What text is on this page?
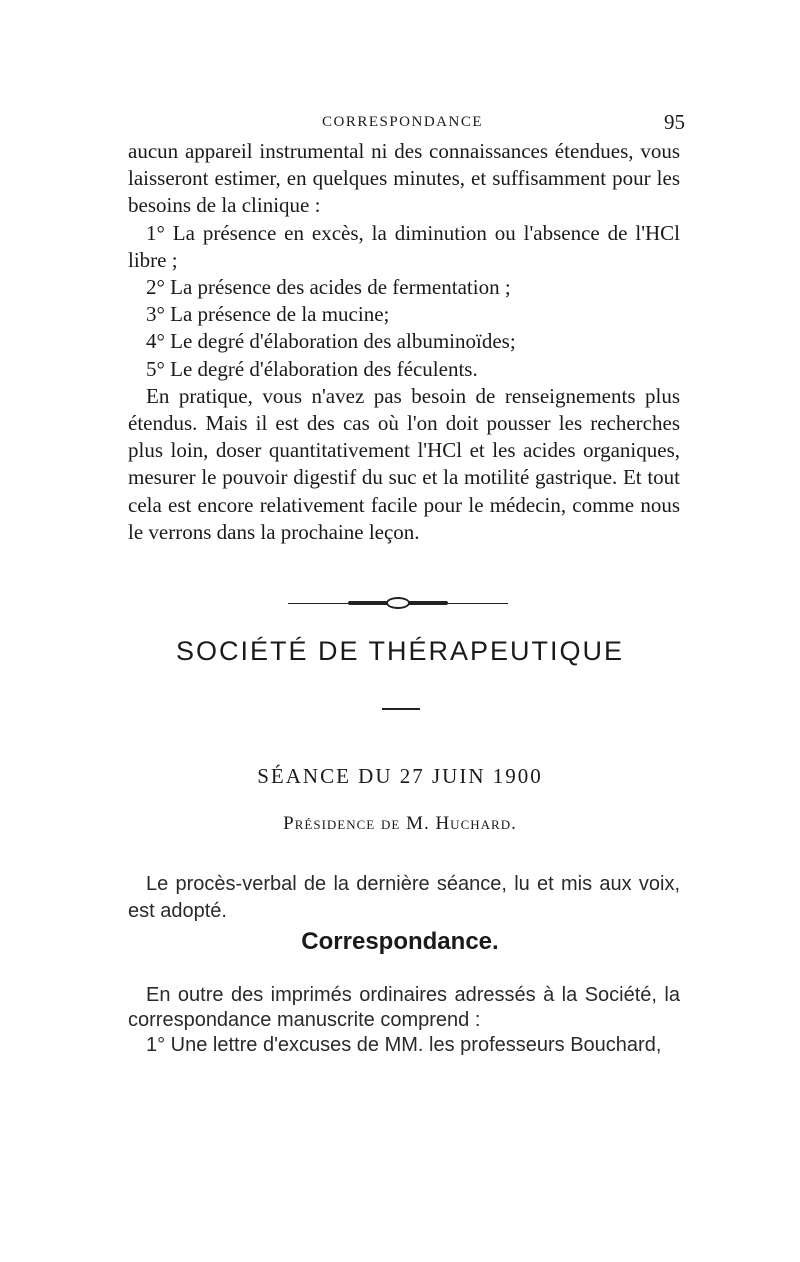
CORRESPONDANCE	95

aucun appareil instrumental ni des connaissances étendues, vous laisseront estimer, en quelques minutes, et suffisamment pour les besoins de la clinique :

1° La présence en excès, la diminution ou l'absence de l'HCl libre ;

2° La présence des acides de fermentation ;

3° La présence de la mucine;

4° Le degré d'élaboration des albuminoïdes;

5° Le degré d'élaboration des féculents.

En pratique, vous n'avez pas besoin de renseignements plus étendus. Mais il est des cas où l'on doit pousser les recherches plus loin, doser quantitativement l'HCl et les acides organiques, mesurer le pouvoir digestif du suc et la motilité gastrique. Et tout cela est encore relativement facile pour le médecin, comme nous le verrons dans la prochaine leçon.

SOCIÉTÉ DE THÉRAPEUTIQUE
SÉANCE DU 27 JUIN 1900
Présidence de M. Huchard.

Le procès-verbal de la dernière séance, lu et mis aux voix, est adopté.

Correspondance.

En outre des imprimés ordinaires adressés à la Société, la correspondance manuscrite comprend :

1° Une lettre d'excuses de MM. les professeurs Bouchard,
